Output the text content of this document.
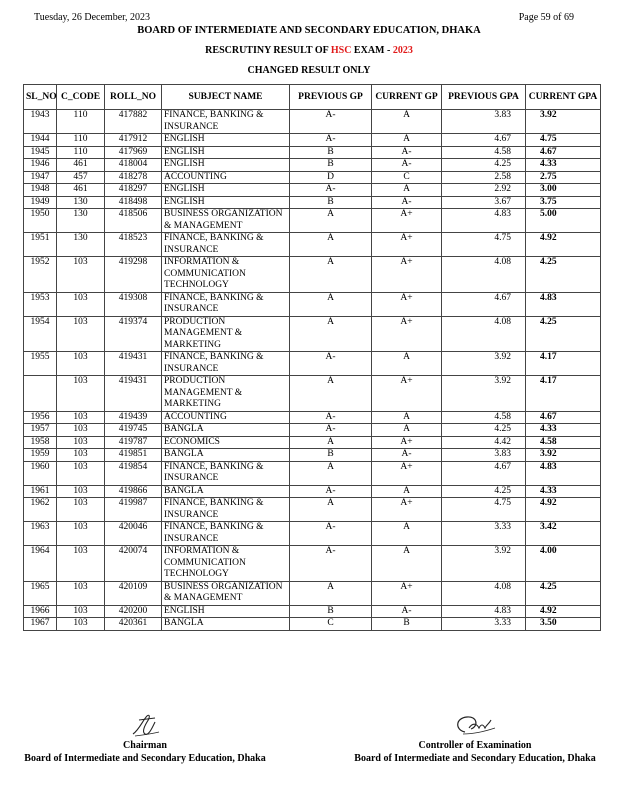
Tuesday, 26 December, 2023	Page 59 of 69
BOARD OF INTERMEDIATE AND SECONDARY EDUCATION, DHAKA
RESCRUTINY RESULT OF HSC EXAM - 2023
CHANGED RESULT ONLY
SL_NO	C_CODE	ROLL_NO	SUBJECT NAME	PREVIOUS GP	CURRENT GP	PREVIOUS GPA	CURRENT GPA
1943	110	417882	FINANCE, BANKING & INSURANCE	A-	A	3.83	3.92
1944	110	417912	ENGLISH	A-	A	4.67	4.75
1945	110	417969	ENGLISH	B	A-	4.58	4.67
1946	461	418004	ENGLISH	B	A-	4.25	4.33
1947	457	418278	ACCOUNTING	D	C	2.58	2.75
1948	461	418297	ENGLISH	A-	A	2.92	3.00
1949	130	418498	ENGLISH	B	A-	3.67	3.75
1950	130	418506	BUSINESS ORGANIZATION & MANAGEMENT	A	A+	4.83	5.00
1951	130	418523	FINANCE, BANKING & INSURANCE	A	A+	4.75	4.92
1952	103	419298	INFORMATION & COMMUNICATION TECHNOLOGY	A	A+	4.08	4.25
1953	103	419308	FINANCE, BANKING & INSURANCE	A	A+	4.67	4.83
1954	103	419374	PRODUCTION MANAGEMENT & MARKETING	A	A+	4.08	4.25
1955	103	419431	FINANCE, BANKING & INSURANCE	A-	A	3.92	4.17
	103	419431	PRODUCTION MANAGEMENT & MARKETING	A	A+	3.92	4.17
1956	103	419439	ACCOUNTING	A-	A	4.58	4.67
1957	103	419745	BANGLA	A-	A	4.25	4.33
1958	103	419787	ECONOMICS	A	A+	4.42	4.58
1959	103	419851	BANGLA	B	A-	3.83	3.92
1960	103	419854	FINANCE, BANKING & INSURANCE	A	A+	4.67	4.83
1961	103	419866	BANGLA	A-	A	4.25	4.33
1962	103	419987	FINANCE, BANKING & INSURANCE	A	A+	4.75	4.92
1963	103	420046	FINANCE, BANKING & INSURANCE	A-	A	3.33	3.42
1964	103	420074	INFORMATION & COMMUNICATION TECHNOLOGY	A-	A	3.92	4.00
1965	103	420109	BUSINESS ORGANIZATION & MANAGEMENT	A	A+	4.08	4.25
1966	103	420200	ENGLISH	B	A-	4.83	4.92
1967	103	420361	BANGLA	C	B	3.33	3.50
Chairman
Board of Intermediate and Secondary Education, Dhaka
Controller of Examination
Board of Intermediate and Secondary Education, Dhaka
